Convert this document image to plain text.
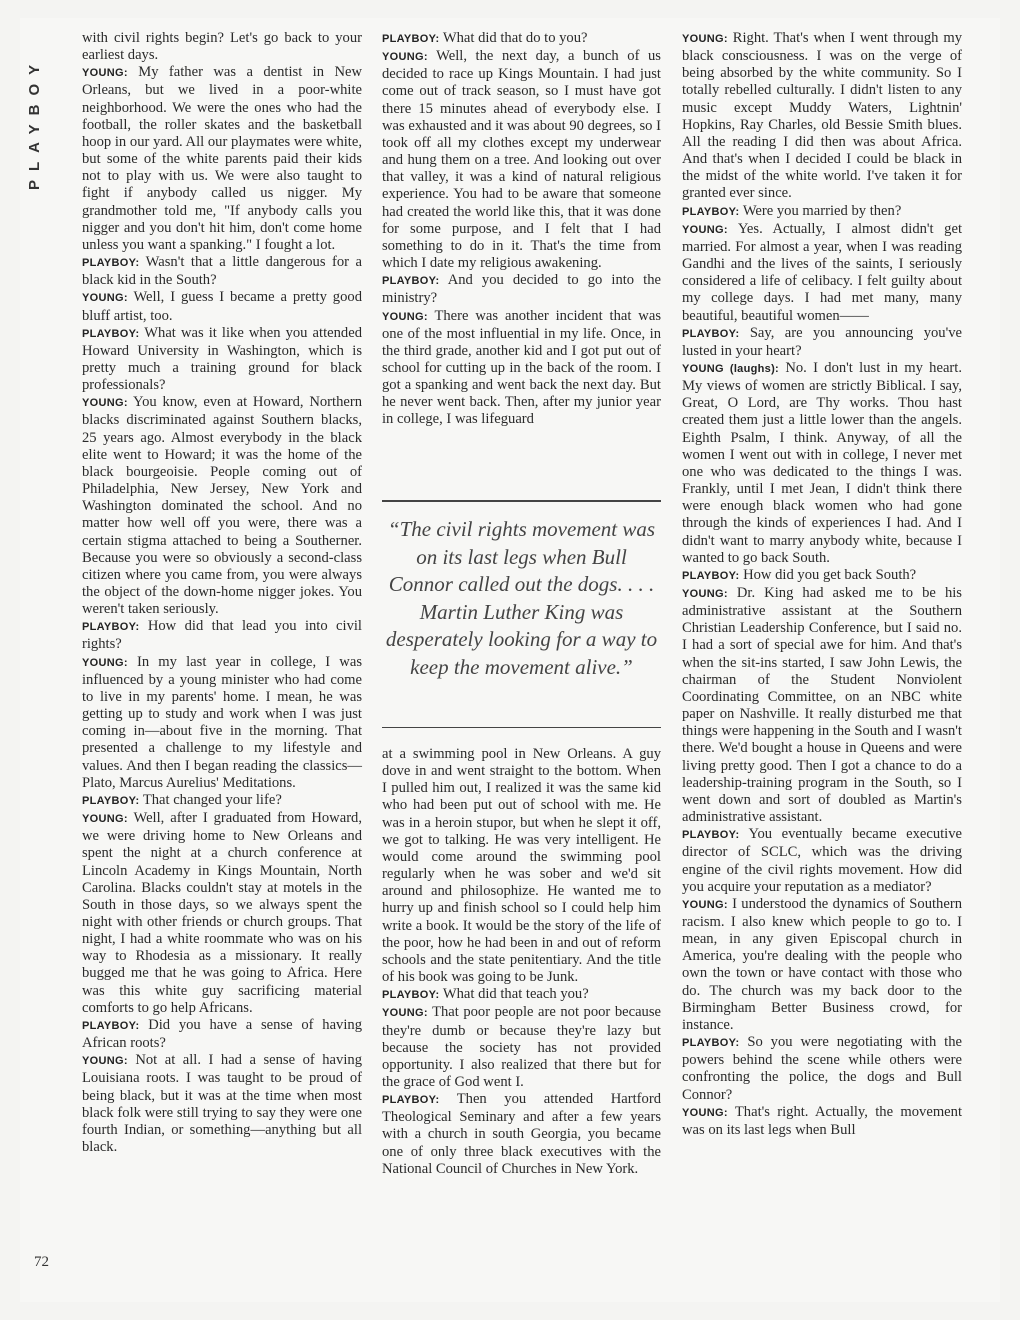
PLAYBOY
72

with civil rights begin? Let's go back to your earliest days.

YOUNG: My father was a dentist in New Orleans, but we lived in a poor-white neighborhood. We were the ones who had the football, the roller skates and the basketball hoop in our yard. All our playmates were white, but some of the white parents paid their kids not to play with us. We were also taught to fight if anybody called us nigger. My grandmother told me, "If anybody calls you nigger and you don't hit him, don't come home unless you want a spanking." I fought a lot.

PLAYBOY: Wasn't that a little dangerous for a black kid in the South?

YOUNG: Well, I guess I became a pretty good bluff artist, too.

PLAYBOY: What was it like when you attended Howard University in Washington, which is pretty much a training ground for black professionals?

YOUNG: You know, even at Howard, Northern blacks discriminated against Southern blacks, 25 years ago. Almost everybody in the black elite went to Howard; it was the home of the black bourgeoisie. People coming out of Philadelphia, New Jersey, New York and Washington dominated the school. And no matter how well off you were, there was a certain stigma attached to being a Southerner. Because you were so obviously a second-class citizen where you came from, you were always the object of the down-home nigger jokes. You weren't taken seriously.

PLAYBOY: How did that lead you into civil rights?

YOUNG: In my last year in college, I was influenced by a young minister who had come to live in my parents' home. I mean, he was getting up to study and work when I was just coming in—about five in the morning. That presented a challenge to my lifestyle and values. And then I began reading the classics—Plato, Marcus Aurelius' Meditations.

PLAYBOY: That changed your life?

YOUNG: Well, after I graduated from Howard, we were driving home to New Orleans and spent the night at a church conference at Lincoln Academy in Kings Mountain, North Carolina. Blacks couldn't stay at motels in the South in those days, so we always spent the night with other friends or church groups. That night, I had a white roommate who was on his way to Rhodesia as a missionary. It really bugged me that he was going to Africa. Here was this white guy sacrificing material comforts to go help Africans.

PLAYBOY: Did you have a sense of having African roots?

YOUNG: Not at all. I had a sense of having Louisiana roots. I was taught to be proud of being black, but it was at the time when most black folk were still trying to say they were one fourth Indian, or something—anything but all black.

PLAYBOY: What did that do to you?

YOUNG: Well, the next day, a bunch of us decided to race up Kings Mountain. I had just come out of track season, so I must have got there 15 minutes ahead of everybody else. I was exhausted and it was about 90 degrees, so I took off all my clothes except my underwear and hung them on a tree. And looking out over that valley, it was a kind of natural religious experience. You had to be aware that someone had created the world like this, that it was done for some purpose, and I felt that I had something to do in it. That's the time from which I date my religious awakening.

PLAYBOY: And you decided to go into the ministry?

YOUNG: There was another incident that was one of the most influential in my life. Once, in the third grade, another kid and I got put out of school for cutting up in the back of the room. I got a spanking and went back the next day. But he never went back. Then, after my junior year in college, I was lifeguard

“The civil rights movement was on its last legs when Bull Connor called out the dogs. . . . Martin Luther King was desperately looking for a way to keep the movement alive.”

at a swimming pool in New Orleans. A guy dove in and went straight to the bottom. When I pulled him out, I realized it was the same kid who had been put out of school with me. He was in a heroin stupor, but when he slept it off, we got to talking. He was very intelligent. He would come around the swimming pool regularly when he was sober and we'd sit around and philosophize. He wanted me to hurry up and finish school so I could help him write a book. It would be the story of the life of the poor, how he had been in and out of reform schools and the state penitentiary. And the title of his book was going to be Junk.

PLAYBOY: What did that teach you?

YOUNG: That poor people are not poor because they're dumb or because they're lazy but because the society has not provided opportunity. I also realized that there but for the grace of God went I.

PLAYBOY: Then you attended Hartford Theological Seminary and after a few years with a church in south Georgia, you became one of only three black executives with the National Council of Churches in New York.

YOUNG: Right. That's when I went through my black consciousness. I was on the verge of being absorbed by the white community. So I totally rebelled culturally. I didn't listen to any music except Muddy Waters, Lightnin' Hopkins, Ray Charles, old Bessie Smith blues. All the reading I did then was about Africa. And that's when I decided I could be black in the midst of the white world. I've taken it for granted ever since.

PLAYBOY: Were you married by then?

YOUNG: Yes. Actually, I almost didn't get married. For almost a year, when I was reading Gandhi and the lives of the saints, I seriously considered a life of celibacy. I felt guilty about my college days. I had met many, many beautiful, beautiful women——

PLAYBOY: Say, are you announcing you've lusted in your heart?

YOUNG (laughs): No. I don't lust in my heart. My views of women are strictly Biblical. I say, Great, O Lord, are Thy works. Thou hast created them just a little lower than the angels. Eighth Psalm, I think. Anyway, of all the women I went out with in college, I never met one who was dedicated to the things I was. Frankly, until I met Jean, I didn't think there were enough black women who had gone through the kinds of experiences I had. And I didn't want to marry anybody white, because I wanted to go back South.

PLAYBOY: How did you get back South?

YOUNG: Dr. King had asked me to be his administrative assistant at the Southern Christian Leadership Conference, but I said no. I had a sort of special awe for him. And that's when the sit-ins started, I saw John Lewis, the chairman of the Student Nonviolent Coordinating Committee, on an NBC white paper on Nashville. It really disturbed me that things were happening in the South and I wasn't there. We'd bought a house in Queens and were living pretty good. Then I got a chance to do a leadership-training program in the South, so I went down and sort of doubled as Martin's administrative assistant.

PLAYBOY: You eventually became executive director of SCLC, which was the driving engine of the civil rights movement. How did you acquire your reputation as a mediator?

YOUNG: I understood the dynamics of Southern racism. I also knew which people to go to. I mean, in any given Episcopal church in America, you're dealing with the people who own the town or have contact with those who do. The church was my back door to the Birmingham Better Business crowd, for instance.

PLAYBOY: So you were negotiating with the powers behind the scene while others were confronting the police, the dogs and Bull Connor?

YOUNG: That's right. Actually, the movement was on its last legs when Bull
